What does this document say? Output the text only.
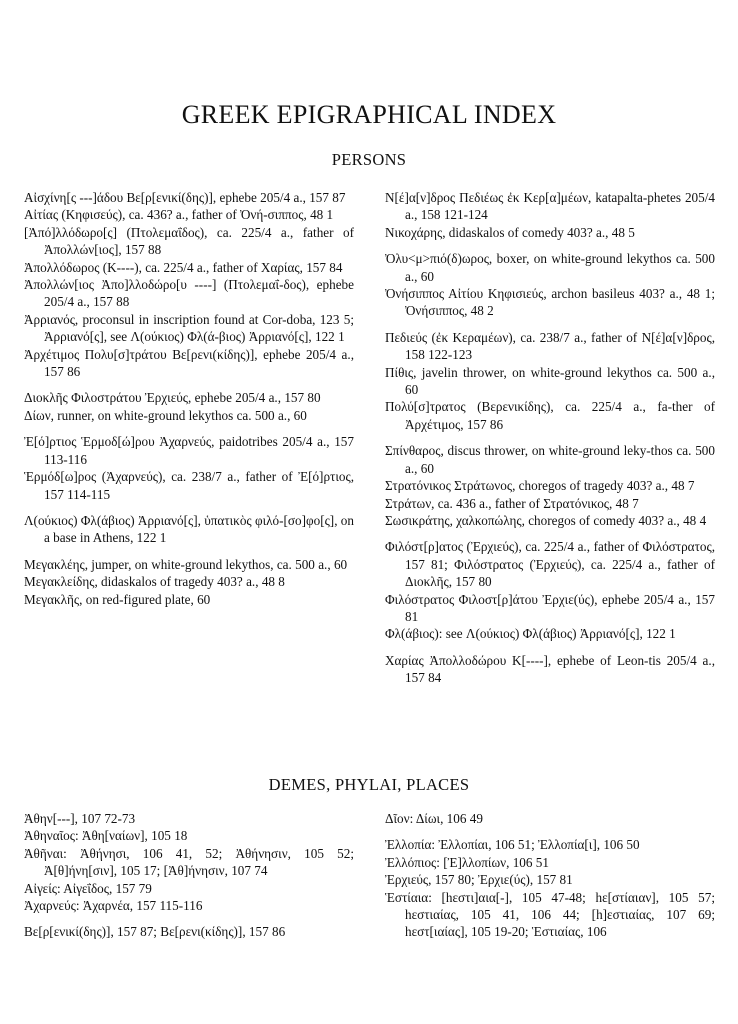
GREEK EPIGRAPHICAL INDEX
PERSONS

Αἰσχίνη[ς ---]άδου Βε[ρ[ενικί(δης)], ephebe 205/4 a., 157 87

Αἰτίας (Κηφισεύς), ca. 436? a., father of Ὀνή-σιππος, 48 1

[Ἀπό]λλόδωρο[ς] (Πτολεμαΐδος), ca. 225/4 a., father of Ἀπολλών[ιος], 157 88

Ἀπολλόδωρος (Κ----), ca. 225/4 a., father of Χαρίας, 157 84

Ἀπολλών[ιος Ἀπο]λλοδώρο[υ ----] (Πτολεμαΐ-δος), ephebe 205/4 a., 157 88

Ἀρριανός, proconsul in inscription found at Cor-doba, 123 5; Ἀρριανό[ς], see Λ(ούκιος) Φλ(ά-βιος) Ἀρριανό[ς], 122 1

Ἀρχέτιμος Πολυ[σ]τράτου Βε[ρενι(κίδης)], ephebe 205/4 a., 157 86

Διοκλῆς Φιλοστράτου Ἐρχιεύς, ephebe 205/4 a., 157 80

Δίων, runner, on white-ground lekythos ca. 500 a., 60

Ἐ[ό]ρτιος Ἑρμοδ[ώ]ρου Ἀχαρνεύς, paidotribes 205/4 a., 157 113-116

Ἑρμόδ[ω]ρος (Ἀχαρνεύς), ca. 238/7 a., father of Ἐ[ό]ρτιος, 157 114-115

Λ(ούκιος) Φλ(άβιος) Ἀρριανό[ς], ὑπατικὸς φιλό-[σο]φο[ς], on a base in Athens, 122 1

Μεγακλέης, jumper, on white-ground lekythos, ca. 500 a., 60

Μεγακλείδης, didaskalos of tragedy 403? a., 48 8

Μεγακλῆς, on red-figured plate, 60

N[έ]α[ν]δρος Πεδιέως ἐκ Κερ[α]μέων, katapalta-phetes 205/4 a., 158 121-124

Νικοχάρης, didaskalos of comedy 403? a., 48 5

Ὀλυ<μ>πιό(δ)ωρος, boxer, on white-ground lekythos ca. 500 a., 60

Ὀνήσιππος Αἰτίου Κηφισιεύς, archon basileus 403? a., 48 1; Ὀνήσιππος, 48 2

Πεδιεύς (ἐκ Κεραμέων), ca. 238/7 a., father of N[έ]α[ν]δρος, 158 122-123

Πίθις, javelin thrower, on white-ground lekythos ca. 500 a., 60

Πολύ[σ]τρατος (Βερενικίδης), ca. 225/4 a., fa-ther of Ἀρχέτιμος, 157 86

Σπίνθαρος, discus thrower, on white-ground leky-thos ca. 500 a., 60

Στρατόνικος Στράτωνος, choregos of tragedy 403? a., 48 7

Στράτων, ca. 436 a., father of Στρατόνικος, 48 7

Σωσικράτης, χαλκοπώλης, choregos of comedy 403? a., 48 4

Φιλόστ[ρ]ατος (Ἐρχιεύς), ca. 225/4 a., father of Φιλόστρατος, 157 81; Φιλόστρατος (Ἐρχιεύς), ca. 225/4 a., father of Διοκλῆς, 157 80

Φιλόστρατος Φιλοστ[ρ]άτου Ἐρχιε(ύς), ephebe 205/4 a., 157 81

Φλ(άβιος): see Λ(ούκιος) Φλ(άβιος) Ἀρριανό[ς], 122 1

Χαρίας Ἀπολλοδώρου Κ[----], ephebe of Leon-tis 205/4 a., 157 84

DEMES, PHYLAI, PLACES

Ἀθην[---], 107 72-73

Ἀθηναῖος: Ἀθη[ναίων], 105 18

Ἀθῆναι: Ἀθήνησι, 106 41, 52; Ἀθήνησιν, 105 52; Ἀ[θ]ήνη[σιν], 105 17; [Ἀθ]ήνησιν, 107 74

Αἰγείς: Αἰγεΐδος, 157 79

Ἀχαρνεύς: Ἀχαρνέα, 157 115-116

Βε[ρ[ενικί(δης)], 157 87; Βε[ρενι(κίδης)], 157 86

Δῖον: Δίωι, 106 49

Ἐλλοπία: Ἐλλοπίαι, 106 51; Ἐλλοπία[ι], 106 50

Ἐλλόπιος: [Ἐ]λλοπίων, 106 51

Ἐρχιεύς, 157 80; Ἐρχιε(ύς), 157 81

Ἑστίαια: [hεστι]αια[-], 105 47-48; hε[στίαιαν], 105 57; hεστιαίας, 105 41, 106 44; [h]εστιαίας, 107 69; hεστ[ιαίας], 105 19-20; Ἑστιαίας, 106
